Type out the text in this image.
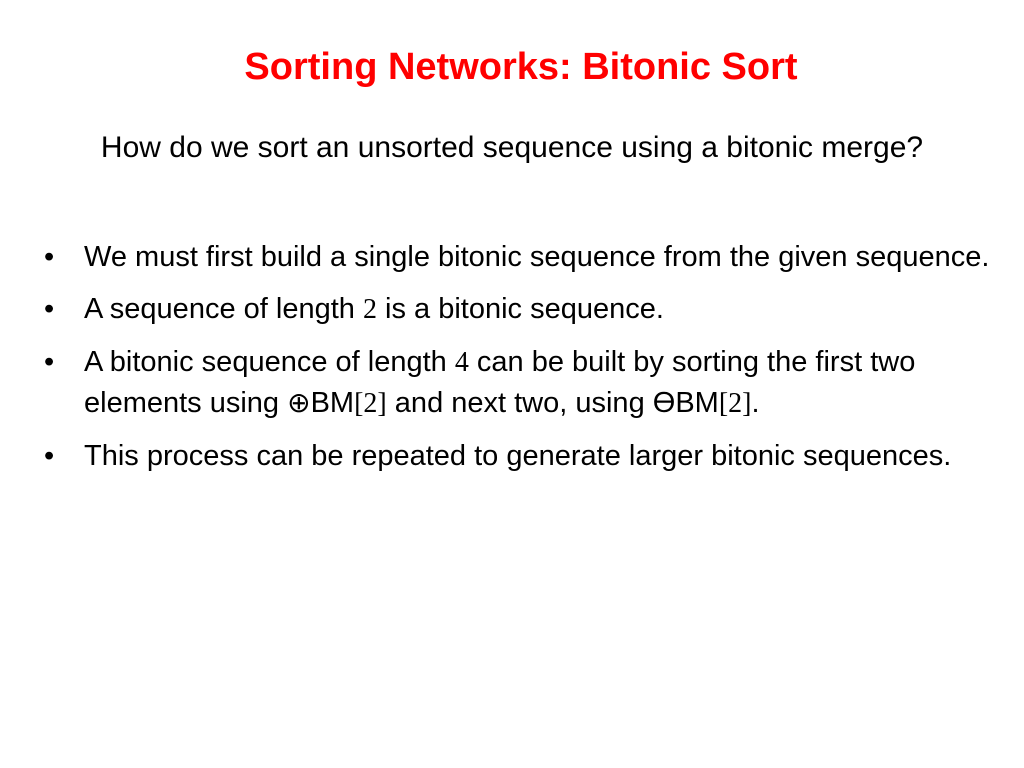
Sorting Networks: Bitonic Sort
How do we sort an unsorted sequence using a bitonic merge?
•	We must first build a single bitonic sequence from the given sequence.
•	A sequence of length 2 is a bitonic sequence.
•	A bitonic sequence of length 4 can be built by sorting the first two elements using ⊕BM[2] and next two, using ӨBM[2].
•	This process can be repeated to generate larger bitonic sequences.
